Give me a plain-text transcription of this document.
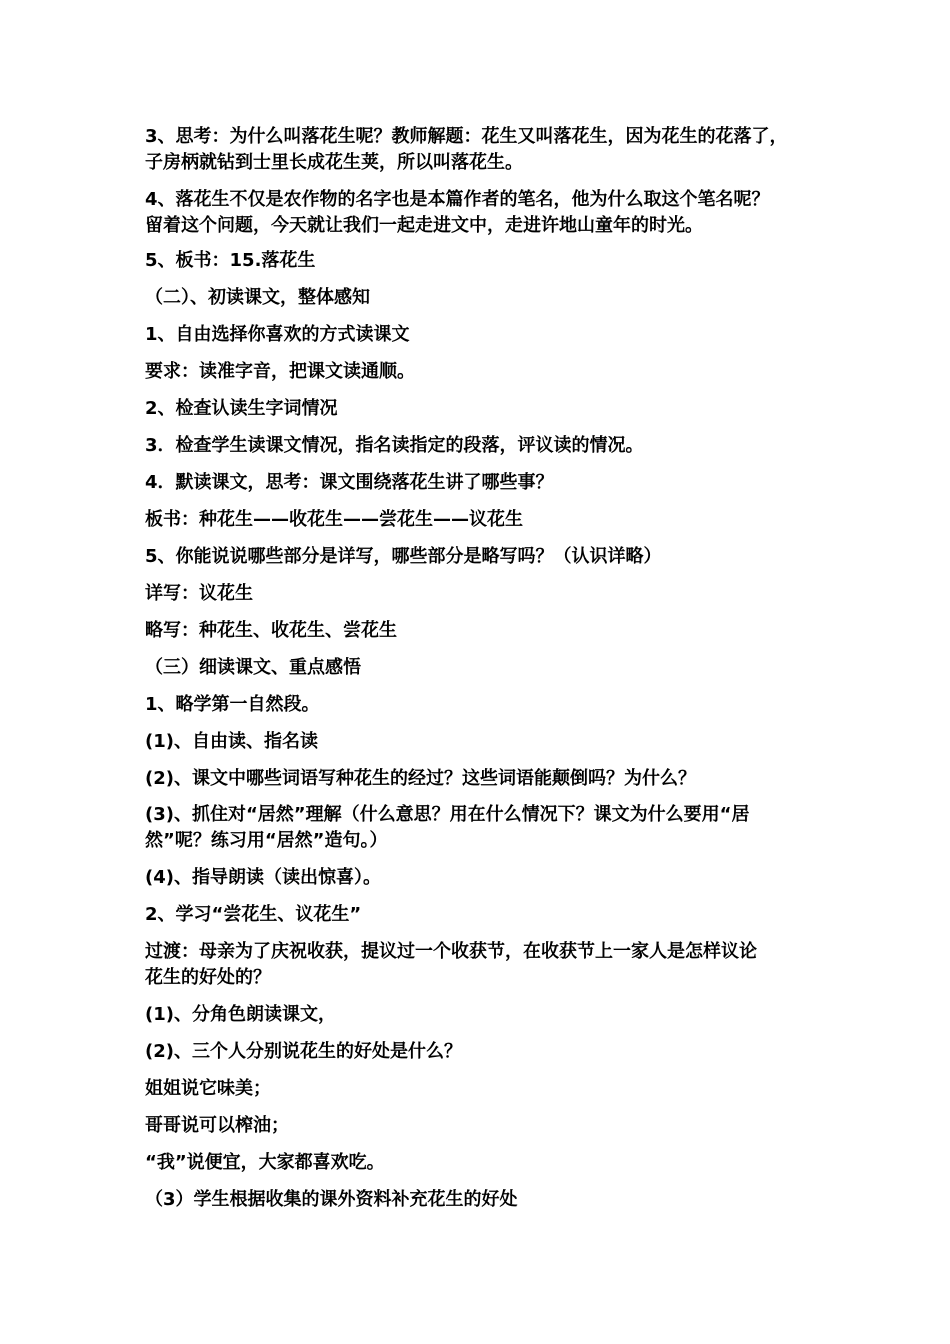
3、思考：为什么叫落花生呢？教师解题：花生又叫落花生，因为花生的花落了，
子房柄就钻到士里长成花生荚，所以叫落花生。
4、落花生不仅是农作物的名字也是本篇作者的笔名，他为什么取这个笔名呢？
留着这个问题，今天就让我们一起走进文中，走进许地山童年的时光。
5、板书：15.落花生
（二）、初读课文，整体感知
1、自由选择你喜欢的方式读课文
要求：读准字音，把课文读通顺。
2、检查认读生字词情况
3．检查学生读课文情况，指名读指定的段落，评议读的情况。
4．默读课文，思考：课文围绕落花生讲了哪些事？
板书：种花生——收花生——尝花生——议花生
5、你能说说哪些部分是详写，哪些部分是略写吗？（认识详略）
详写：议花生
略写：种花生、收花生、尝花生
（三）细读课文、重点感悟
1、略学第一自然段。
(1)、自由读、指名读
(2)、课文中哪些词语写种花生的经过？这些词语能颠倒吗？为什么？
(3)、抓住对“居然”理解（什么意思？用在什么情况下？课文为什么要用“居
然”呢？练习用“居然”造句。）
(4)、指导朗读（读出惊喜）。
2、学习“尝花生、议花生”
过渡：母亲为了庆祝收获，提议过一个收获节，在收获节上一家人是怎样议论
花生的好处的？
(1)、分角色朗读课文，
(2)、三个人分别说花生的好处是什么？
姐姐说它味美；
哥哥说可以榨油；
“我”说便宜，大家都喜欢吃。
（3）学生根据收集的课外资料补充花生的好处
